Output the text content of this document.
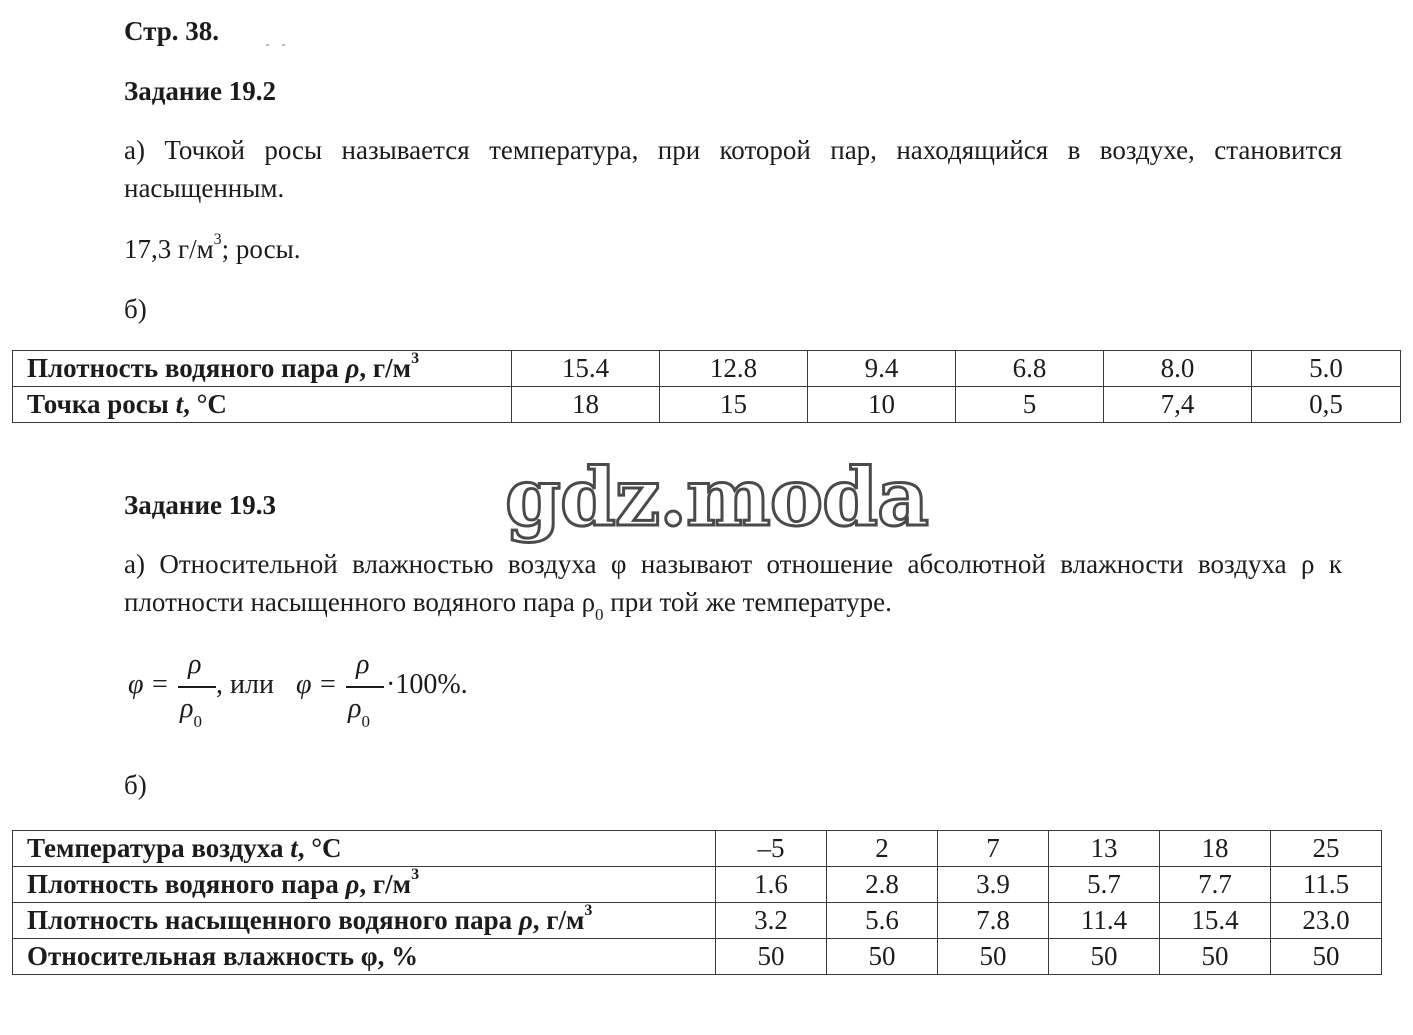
Стр. 38.
Задание 19.2
а) Точкой росы называется температура, при которой пар, находящийся в воздухе, становится насыщенным.
17,3 $г/м^3$; росы.
б)
Плотность водяного пара ρ, $г/м^3$	15.4	12.8	9.4	6.8	8.0	5.0
Точка росы t, °С	18	15	10	5	7,4	0,5
gdz.moda
Задание 19.3
а) Относительной влажностью воздуха φ называют отношение абсолютной влажности воздуха ρ к плотности насыщенного водяного пара $\rho_0$ при той же температуре.
φ =
ρ
$\rho_0$
, или φ =
ρ
$\rho_0$
·100%.
б)
Температура воздуха t, °С	–5	2	7	13	18	25
Плотность водяного пара ρ, $г/м^3$	1.6	2.8	3.9	5.7	7.7	11.5
Плотность насыщенного водяного пара ρ, $г/м^3$	3.2	5.6	7.8	11.4	15.4	23.0
Относительная влажность φ, %	50	50	50	50	50	50
